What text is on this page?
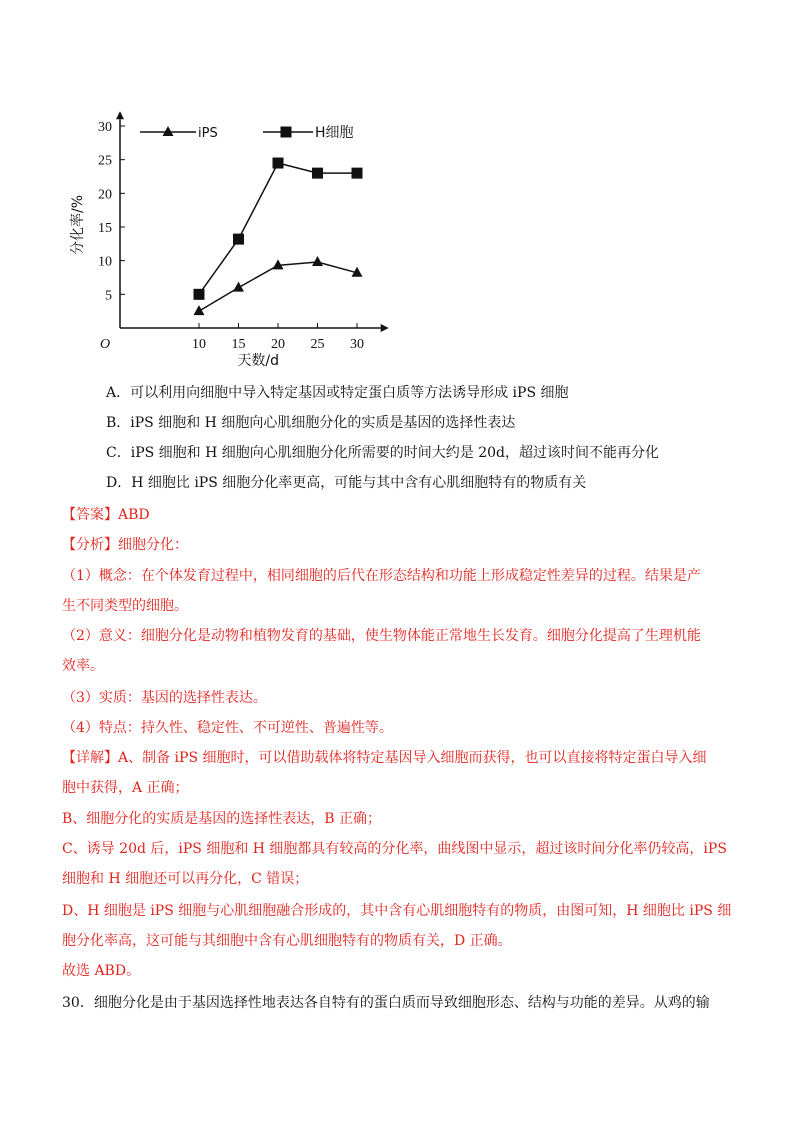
10 15 20 25 30
5
10
15
20
25
30
O
天数/d
分化率/%
iPS	H细胞
A．可以利用向细胞中导入特定基因或特定蛋白质等方法诱导形成 iPS 细胞
B．iPS 细胞和 H 细胞向心肌细胞分化的实质是基因的选择性表达
C．iPS 细胞和 H 细胞向心肌细胞分化所需要的时间大约是 20d，超过该时间不能再分化
D．H 细胞比 iPS 细胞分化率更高，可能与其中含有心肌细胞特有的物质有关
【答案】ABD
【分析】细胞分化：
（1）概念：在个体发育过程中，相同细胞的后代在形态结构和功能上形成稳定性差异的过程。结果是产
生不同类型的细胞。
（2）意义：细胞分化是动物和植物发育的基础，使生物体能正常地生长发育。细胞分化提高了生理机能
效率。
（3）实质：基因的选择性表达。
（4）特点：持久性、稳定性、不可逆性、普遍性等。
【详解】A、制备 iPS 细胞时，可以借助载体将特定基因导入细胞而获得，也可以直接将特定蛋白导入细
胞中获得，A 正确；
B、细胞分化的实质是基因的选择性表达，B 正确；
C、诱导 20d 后，iPS 细胞和 H 细胞都具有较高的分化率，曲线图中显示，超过该时间分化率仍较高，iPS
细胞和 H 细胞还可以再分化，C 错误；
D、H 细胞是 iPS 细胞与心肌细胞融合形成的，其中含有心肌细胞特有的物质，由图可知，H 细胞比 iPS 细
胞分化率高，这可能与其细胞中含有心肌细胞特有的物质有关，D 正确。
故选 ABD。
30．细胞分化是由于基因选择性地表达各自特有的蛋白质而导致细胞形态、结构与功能的差异。从鸡的输
